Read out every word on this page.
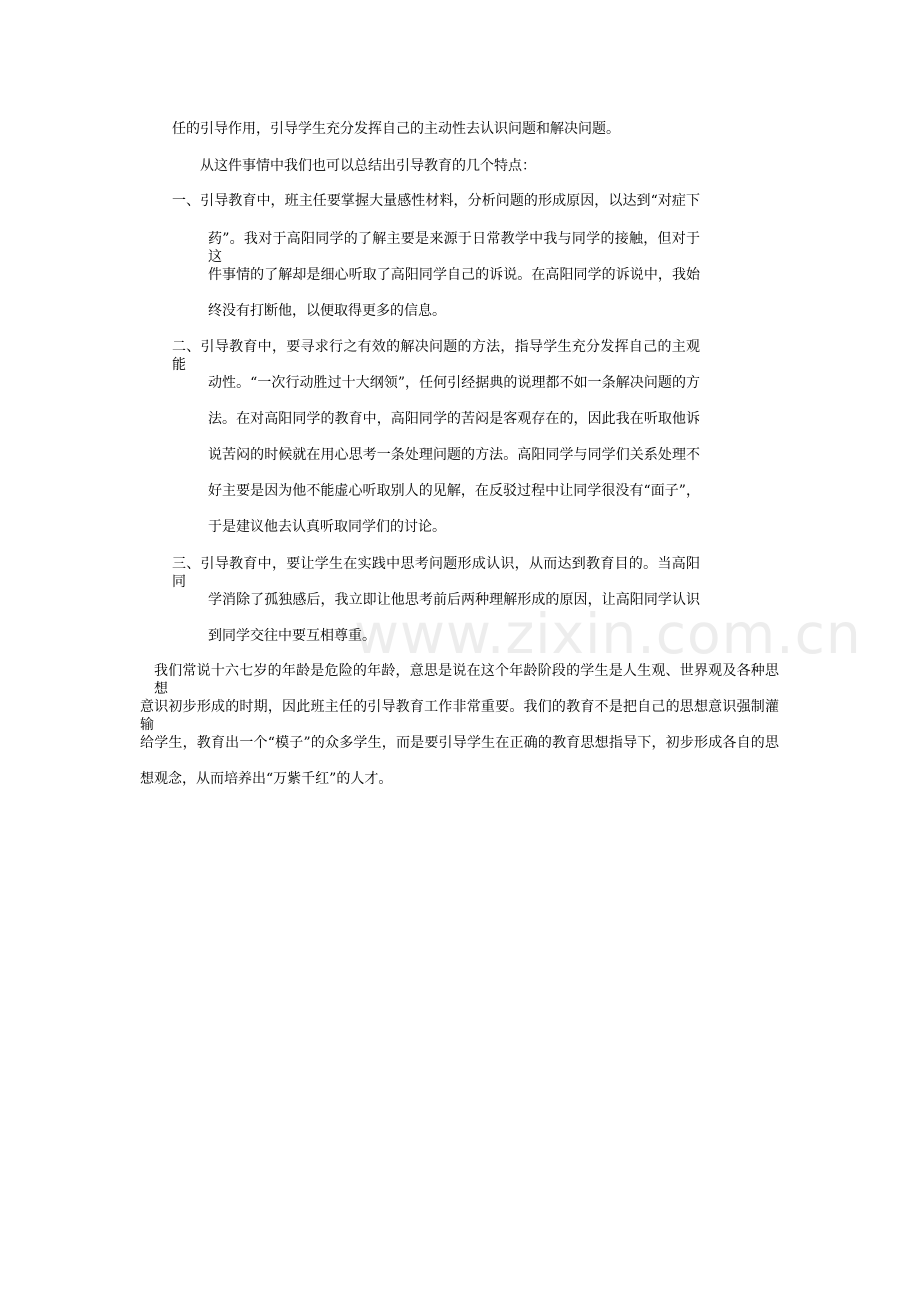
www.zixin.com.cn

任的引导作用，引导学生充分发挥自己的主动性去认识问题和解决问题。

从这件事情中我们也可以总结出引导教育的几个特点：

一、引导教育中，班主任要掌握大量感性材料，分析问题的形成原因，以达到“对症下

药”。我对于高阳同学的了解主要是来源于日常教学中我与同学的接触，但对于这

件事情的了解却是细心听取了高阳同学自己的诉说。在高阳同学的诉说中，我始

终没有打断他，以便取得更多的信息。

二、引导教育中，要寻求行之有效的解决问题的方法，指导学生充分发挥自己的主观能

动性。“一次行动胜过十大纲领”，任何引经据典的说理都不如一条解决问题的方

法。在对高阳同学的教育中，高阳同学的苦闷是客观存在的，因此我在听取他诉

说苦闷的时候就在用心思考一条处理问题的方法。高阳同学与同学们关系处理不

好主要是因为他不能虚心听取别人的见解，在反驳过程中让同学很没有“面子”，

于是建议他去认真听取同学们的讨论。

三、引导教育中，要让学生在实践中思考问题形成认识，从而达到教育目的。当高阳同

学消除了孤独感后，我立即让他思考前后两种理解形成的原因，让高阳同学认识

到同学交往中要互相尊重。

我们常说十六七岁的年龄是危险的年龄，意思是说在这个年龄阶段的学生是人生观、世界观及各种思想

意识初步形成的时期，因此班主任的引导教育工作非常重要。我们的教育不是把自己的思想意识强制灌输

给学生，教育出一个“模子”的众多学生，而是要引导学生在正确的教育思想指导下，初步形成各自的思

想观念，从而培养出“万紫千红”的人才。
